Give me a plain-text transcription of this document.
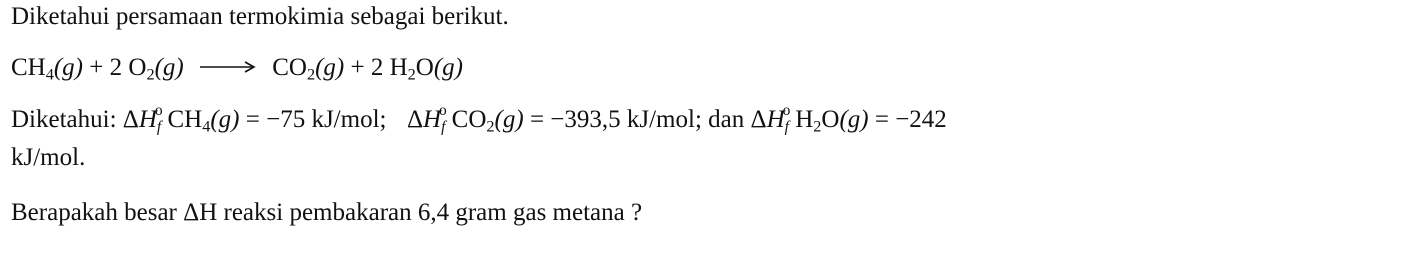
Diketahui persamaan termokimia sebagai berikut.
$CH_4(g) + 2$ $O_2(g) \to CO_2(g) + 2$ $H_2O(g)$
Diketahui: ΔH
o
$_f$ $CH_4(g) = -75$ kJ/mol; ΔH
o
$_f$ $CO_2(g) = -393,5$ kJ/mol; dan ΔH
o
$_f$ $H_2O(g) = -242$
kJ/mol.
Berapakah besar ΔH reaksi pembakaran 6,4 gram gas metana ?
